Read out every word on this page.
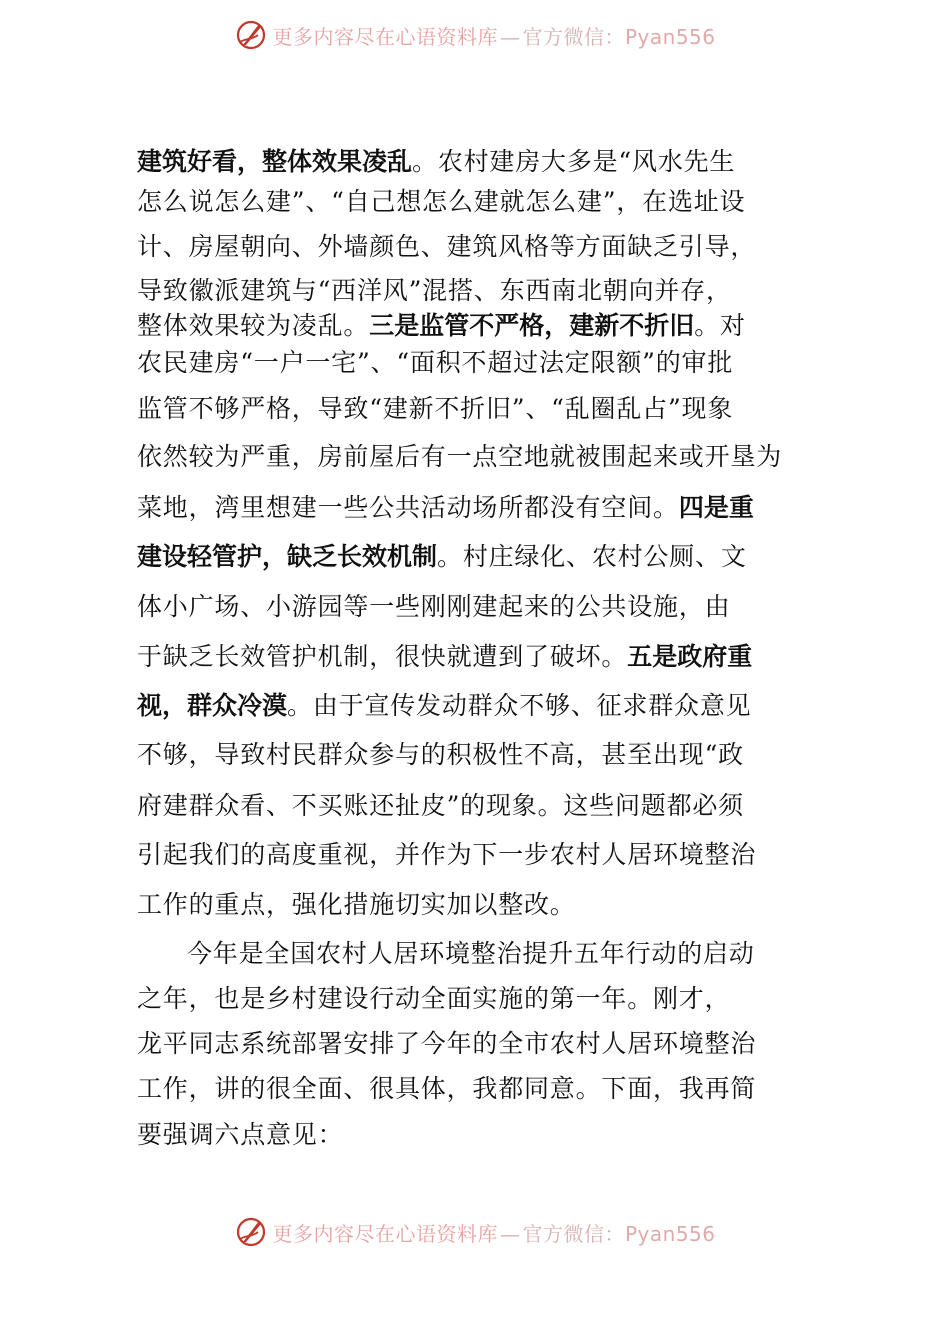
更多内容尽在心语资料库 — 官方微信：Pyan556
建筑好看，整体效果凌乱。农村建房大多是“风水先生
怎么说怎么建”、“自己想怎么建就怎么建”，在选址设
计、房屋朝向、外墙颜色、建筑风格等方面缺乏引导，
导致徽派建筑与“西洋风”混搭、东西南北朝向并存，
整体效果较为凌乱。三是监管不严格，建新不折旧。对
农民建房“一户一宅”、“面积不超过法定限额”的审批
监管不够严格，导致“建新不折旧”、“乱圈乱占”现象
依然较为严重，房前屋后有一点空地就被围起来或开垦为
菜地，湾里想建一些公共活动场所都没有空间。四是重
建设轻管护，缺乏长效机制。村庄绿化、农村公厕、文
体小广场、小游园等一些刚刚建起来的公共设施，由
于缺乏长效管护机制，很快就遭到了破坏。五是政府重
视，群众冷漠。由于宣传发动群众不够、征求群众意见
不够，导致村民群众参与的积极性不高，甚至出现“政
府建群众看、不买账还扯皮”的现象。这些问题都必须
引起我们的高度重视，并作为下一步农村人居环境整治
工作的重点，强化措施切实加以整改。
今年是全国农村人居环境整治提升五年行动的启动
之年，也是乡村建设行动全面实施的第一年。刚才，
龙平同志系统部署安排了今年的全市农村人居环境整治
工作，讲的很全面、很具体，我都同意。下面，我再简
要强调六点意见：
更多内容尽在心语资料库 — 官方微信：Pyan556
